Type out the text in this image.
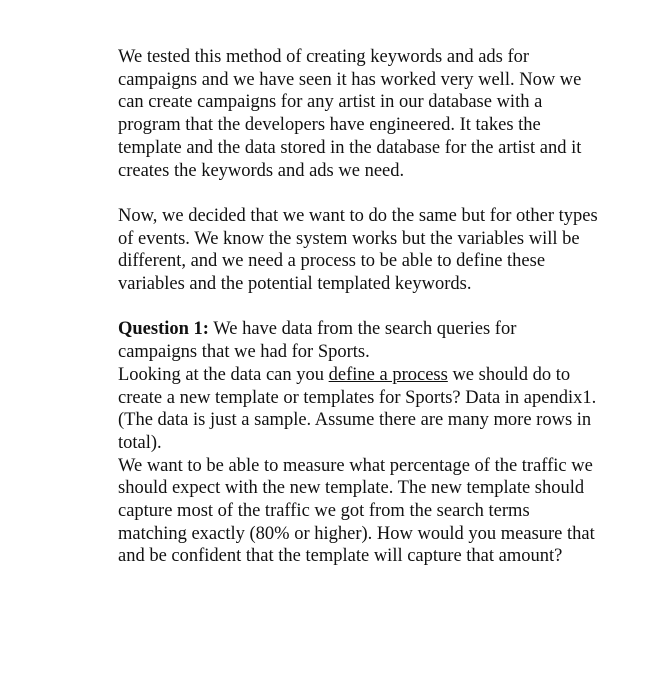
We tested this method of creating keywords and ads for campaigns and we have seen it has worked very well. Now we can create campaigns for any artist in our database with a program that the developers have engineered. It takes the template and the data stored in the database for the artist and it creates the keywords and ads we need.

Now, we decided that we want to do the same but for other types of events. We know the system works but the variables will be different, and we need a process to be able to define these variables and the potential templated keywords.

Question 1: We have data from the search queries for campaigns that we had for Sports.

Looking at the data can you define a process we should do to create a new template or templates for Sports? Data in apendix1. (The data is just a sample. Assume there are many more rows in total).

We want to be able to measure what percentage of the traffic we should expect with the new template. The new template should capture most of the traffic we got from the search terms matching exactly (80% or higher). How would you measure that and be confident that the template will capture that amount?
